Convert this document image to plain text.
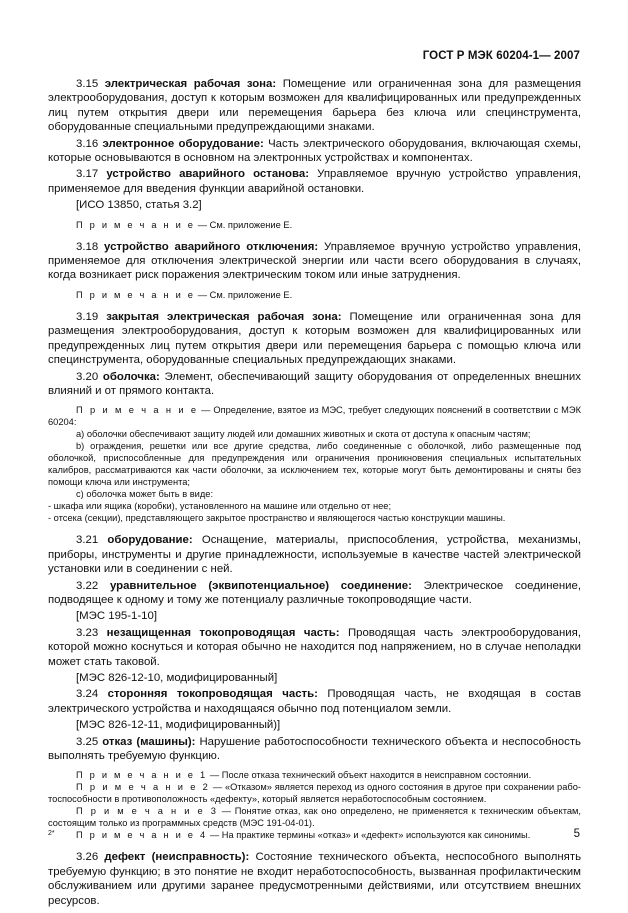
ГОСТ Р МЭК 60204-1— 2007

3.15 электрическая рабочая зона: Помещение или ограниченная зона для размещения электрооборудования, доступ к которым возможен для квалифицированных или предупрежденных лиц путем открытия двери или перемещения барьера без ключа или специнструмента, оборудованные специальными предупреждающими знаками.

3.16 электронное оборудование: Часть электрического оборудования, включающая схемы, которые основываются в основном на электронных устройствах и компонентах.

3.17 устройство аварийного останова: Управляемое вручную устройство управления, применяемое для введения функции аварийной остановки.

[ИСО 13850, статья 3.2]

П р и м е ч а н и е — См. приложение Е.

3.18 устройство аварийного отключения: Управляемое вручную устройство управления, применяемое для отключения электрической энергии или части всего оборудования в случаях, когда возникает риск поражения электрическим током или иные затруднения.

П р и м е ч а н и е — См. приложение Е.

3.19 закрытая электрическая рабочая зона: Помещение или ограниченная зона для размещения электрооборудования, доступ к которым возможен для квалифицированных или предупрежденных лиц путем открытия двери или перемещения барьера с помощью ключа или специнструмента, оборудованные специальных предупреждающих знаками.

3.20 оболочка: Элемент, обеспечивающий защиту оборудования от определенных внешних влияний и от прямого контакта.

П р и м е ч а н и е — Определение, взятое из МЭС, требует следующих пояснений в соответствии с МЭК 60204:

а) оболочки обеспечивают защиту людей или домашних животных и скота от доступа к опасным частям;

b) ограждения, решетки или все другие средства, либо соединенные с оболочкой, либо размещенные под оболочкой, приспособленные для предупреждения или ограничения проникновения специальных испытательных калибров, рассматриваются как части оболочки, за исключением тех, которые могут быть демонтированы и сняты без помощи ключа или инструмента;

с) оболочка может быть в виде:

- шкафа или ящика (коробки), установленного на машине или отдельно от нее;

- отсека (секции), представляющего закрытое пространство и являющегося частью конструкции машины.

3.21 оборудование: Оснащение, материалы, приспособления, устройства, механизмы, приборы, инструменты и другие принадлежности, используемые в качестве частей электрической установки или в соединении с ней.

3.22 уравнительное (эквипотенциальное) соединение: Электрическое соединение, подводящее к одному и тому же потенциалу различные токопроводящие части.

[МЭС 195-1-10]

3.23 незащищенная токопроводящая часть: Проводящая часть электрооборудования, которой можно коснуться и которая обычно не находится под напряжением, но в случае неполадки может стать таковой.

[МЭС 826-12-10, модифицированный]

3.24 сторонняя токопроводящая часть: Проводящая часть, не входящая в состав электрического устройства и находящаяся обычно под потенциалом земли.

[МЭС 826-12-11, модифицированный)]

3.25 отказ (машины): Нарушение работоспособности технического объекта и неспособность выполнять требуемую функцию.

П р и м е ч а н и е 1 — После отказа технический объект находится в неисправном состоянии.

П р и м е ч а н и е 2 — «Отказом» является переход из одного состояния в другое при сохранении работоспособности в противоположность «дефекту», который является неработоспособным состоянием.

П р и м е ч а н и е 3 — Понятие отказ, как оно определено, не применяется к техническим объектам, состоящим только из программных средств (МЭС 191-04-01).

П р и м е ч а н и е 4 — На практике термины «отказ» и «дефект» используются как синонимы.

3.26 дефект (неисправность): Состояние технического объекта, неспособного выполнять требуемую функцию; в это понятие не входит неработоспособность, вызванная профилактическим обслуживанием или другими заранее предусмотренными действиями, или отсутствием внешних ресурсов.

2*	5
